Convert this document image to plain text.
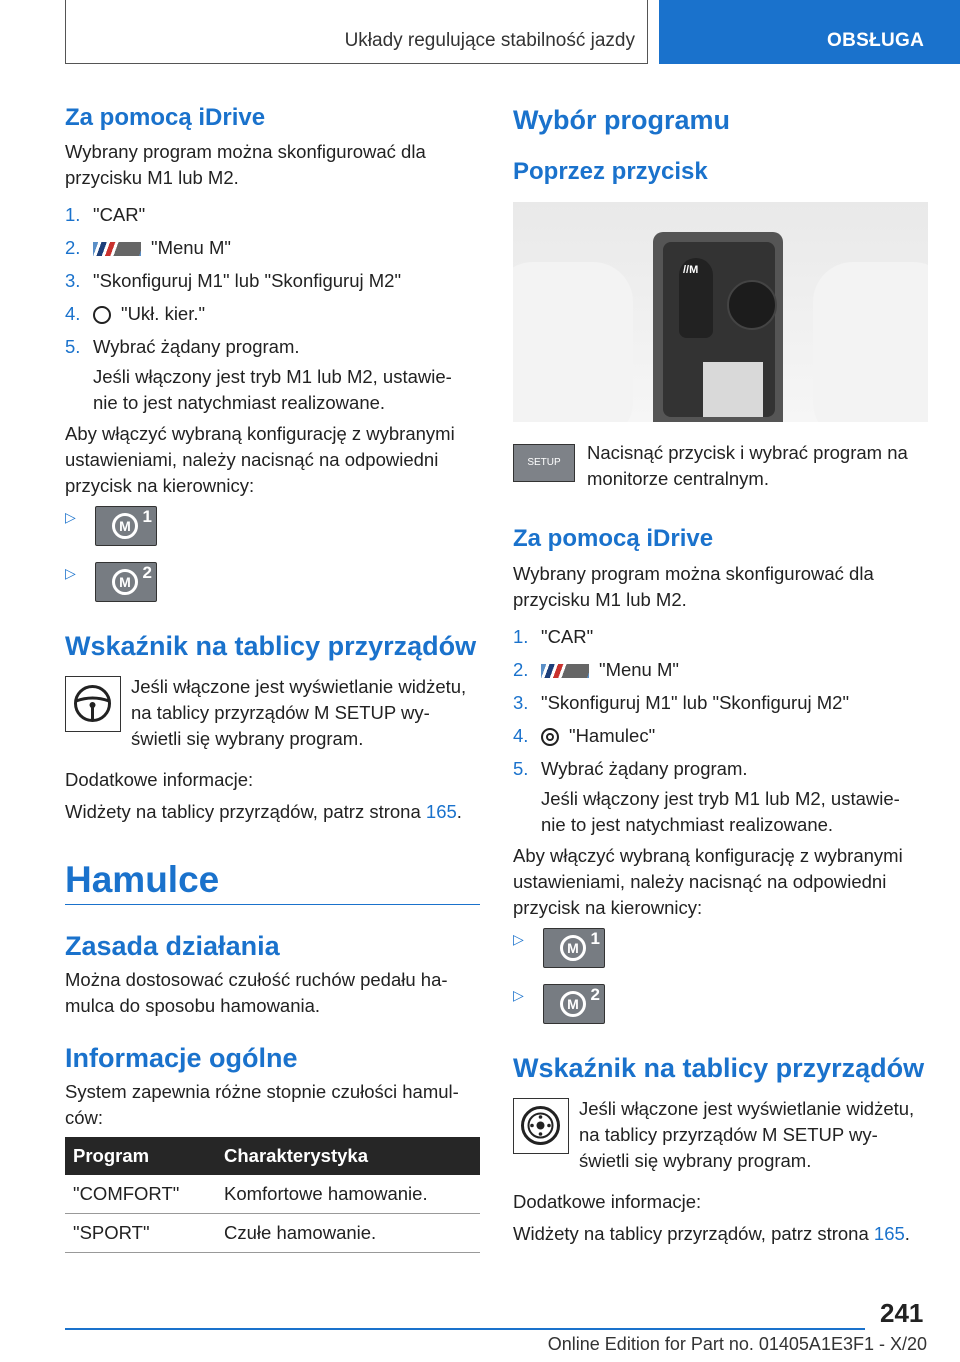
Układy regulujące stabilność jazdy	OBSŁUGA
Za pomocą iDrive
Wybrany program można skonfigurować dla przycisku M1 lub M2.
1. "CAR"
2.	"Menu M"
3. "Skonfiguruj M1" lub "Skonfiguruj M2"
4. "Ukł. kier."
5. Wybrać żądany program.
Jeśli włączony jest tryb M1 lub M2, ustawie-
nie to jest natychmiast realizowane.
Aby włączyć wybraną konfigurację z wybranymi
ustawieniami, należy nacisnąć na odpowiedni
przycisk na kierownicy:
▷
M 1
▷
M 2
Wskaźnik na tablicy przyrządów
Jeśli włączone jest wyświetlanie widżetu,
na tablicy przyrządów M SETUP wy-
świetli się wybrany program.
Dodatkowe informacje:
Widżety na tablicy przyrządów, patrz strona 165.
Hamulce
Zasada działania
Można dostosować czułość ruchów pedału ha-
mulca do sposobu hamowania.
Informacje ogólne
System zapewnia różne stopnie czułości hamul-
ców:
Program	Charakterystyka
"COMFORT"	Komfortowe hamowanie.
"SPORT"	Czułe hamowanie.
Wybór programu
Poprzez przycisk
//M
SETUP	Nacisnąć przycisk i wybrać program na
monitorze centralnym.
Za pomocą iDrive
Wybrany program można skonfigurować dla
przycisku M1 lub M2.
1. "CAR"
2.	"Menu M"
3. "Skonfiguruj M1" lub "Skonfiguruj M2"
4. "Hamulec"
5. Wybrać żądany program.
Jeśli włączony jest tryb M1 lub M2, ustawie-
nie to jest natychmiast realizowane.
Aby włączyć wybraną konfigurację z wybranymi
ustawieniami, należy nacisnąć na odpowiedni
przycisk na kierownicy:
▷
M 1
▷
M 2
Wskaźnik na tablicy przyrządów
Jeśli włączone jest wyświetlanie widżetu,
na tablicy przyrządów M SETUP wy-
świetli się wybrany program.
Dodatkowe informacje:
Widżety na tablicy przyrządów, patrz strona 165.
241
Online Edition for Part no. 01405A1E3F1 - X/20
